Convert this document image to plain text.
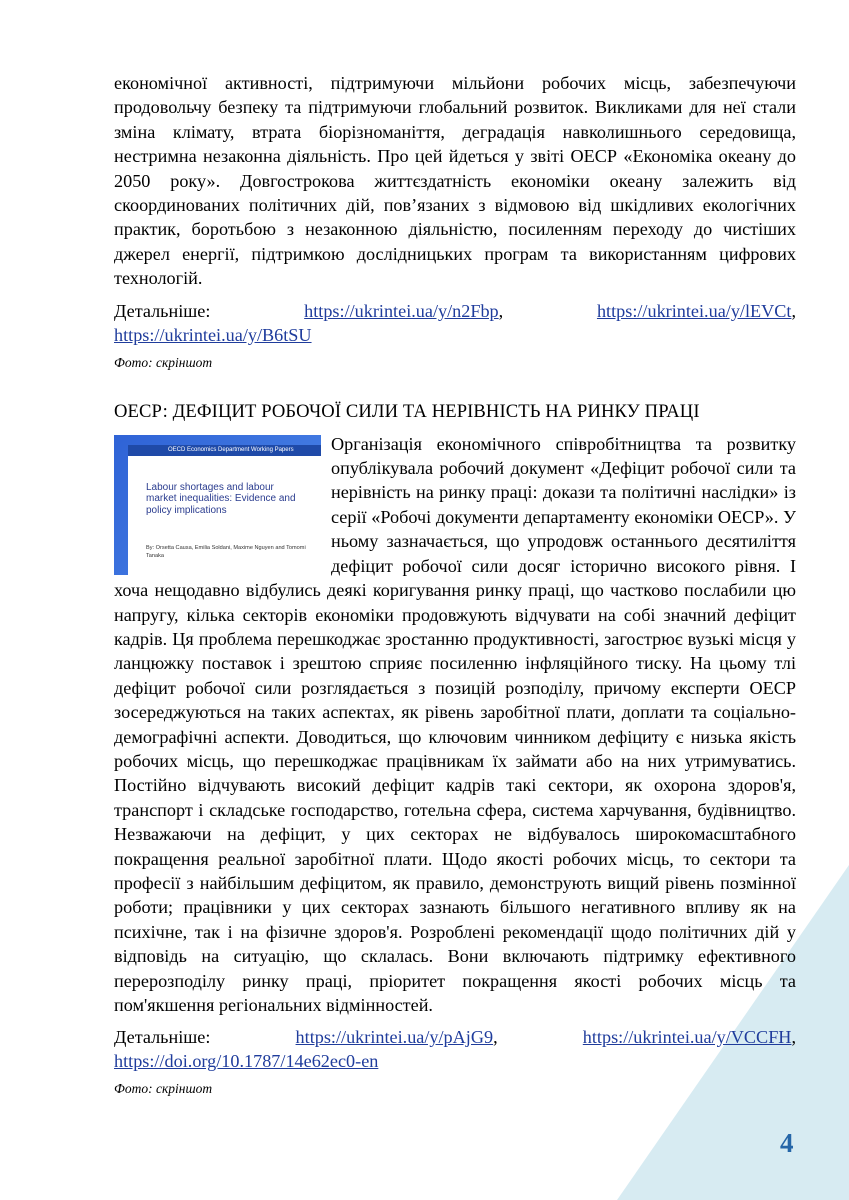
економічної активності, підтримуючи мільйони робочих місць, забезпечуючи продовольчу безпеку та підтримуючи глобальний розвиток. Викликами для неї стали зміна клімату, втрата біорізноманіття, деградація навколишнього середовища, нестримна незаконна діяльність. Про цей йдеться у звіті ОЕСР «Економіка океану до 2050 року». Довгострокова життєздатність економіки океану залежить від скоординованих політичних дій, пов’язаних з відмовою від шкідливих екологічних практик, боротьбою з незаконною діяльністю, посиленням переходу до чистіших джерел енергії, підтримкою дослідницьких програм та використанням цифрових технологій.

Детальніше:	https://ukrintei.ua/y/n2Fbp, https://ukrintei.ua/y/lEVCt,

https://ukrintei.ua/y/B6tSU

Фото: скріншот

ОЕСР: ДЕФІЦИТ РОБОЧОЇ СИЛИ ТА НЕРІВНІСТЬ НА РИНКУ ПРАЦІ

OECD Economics Department Working Papers
Labour shortages and labour market inequalities: Evidence and policy implications
By: Orsetta Causa, Emilia Soldani, Maxime Nguyen and Tomomi Tanaka

Організація економічного співробітництва та розвитку опублікувала робочий документ «Дефіцит робочої сили та нерівність на ринку праці: докази та політичні наслідки» із серії «Робочі документи департаменту економіки ОЕСР». У ньому зазначається, що упродовж останнього десятиліття дефіцит робочої сили досяг історично високого рівня. І хоча нещодавно відбулись деякі коригування ринку праці, що частково послабили цю напругу, кілька секторів економіки продовжують відчувати на собі значний дефіцит кадрів. Ця проблема перешкоджає зростанню продуктивності, загострює вузькі місця у ланцюжку поставок і зрештою сприяє посиленню інфляційного тиску. На цьому тлі дефіцит робочої сили розглядається з позицій розподілу, причому експерти ОЕСР зосереджуються на таких аспектах, як рівень заробітної плати, доплати та соціально-демографічні аспекти. Доводиться, що ключовим чинником дефіциту є низька якість робочих місць, що перешкоджає працівникам їх займати або на них утримуватись. Постійно відчувають високий дефіцит кадрів такі сектори, як охорона здоров'я, транспорт і складське господарство, готельна сфера, система харчування, будівництво. Незважаючи на дефіцит, у цих секторах не відбувалось широкомасштабного покращення реальної заробітної плати. Щодо якості робочих місць, то сектори та професії з найбільшим дефіцитом, як правило, демонструють вищий рівень позмінної роботи; працівники у цих секторах зазнають більшого негативного впливу як на психічне, так і на фізичне здоров'я. Розроблені рекомендації щодо політичних дій у відповідь на ситуацію, що склалась. Вони включають підтримку ефективного перерозподілу ринку праці, пріоритет покращення якості робочих місць та пом'якшення регіональних відмінностей.

Детальніше:	https://ukrintei.ua/y/pAjG9, https://ukrintei.ua/y/VCCFH,

https://doi.org/10.1787/14e62ec0-en

Фото: скріншот

4
